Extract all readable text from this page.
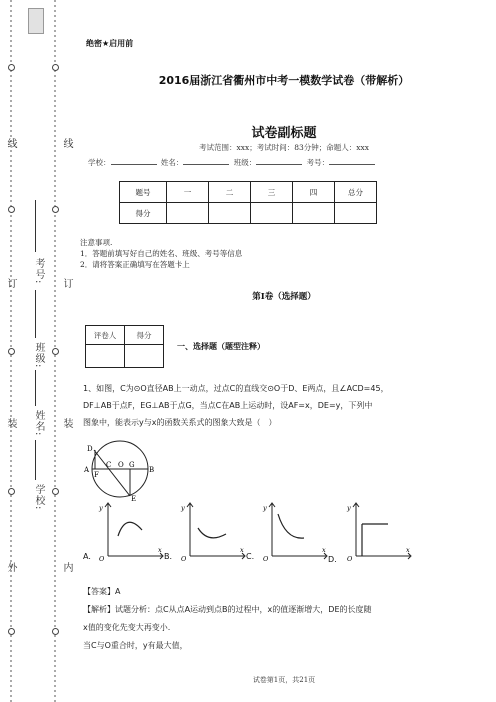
线
订
装
外
线
订
装
内
考号:
班级:
姓名:
学校:
绝密★启用前
2016届浙江省衢州市中考一模数学试卷（带解析）
试卷副标题
考试范围：xxx；考试时间：83分钟；命题人：xxx
学校：	姓名：	班级：	考号：
题号	一	二	三	四	总分
得分					
注意事项.
1．答题前填写好自己的姓名、班级、考号等信息
2．请将答案正确填写在答题卡上
第I卷（选择题）
评卷人	得分

一、选择题（题型注释）
1、如图，C为⊙O直径AB上一动点，过点C的直线交⊙O于D、E两点，且∠ACD=45，
DF⊥AB于点F，EG⊥AB于点G，当点C在AB上运动时，设AF=x，DE=y，下列中
图象中，能表示y与x的函数关系式的图象大致是（　）
D
A
F
C O G
B
E
A.
y
x
O	B.
y
x
O	C.
y
x
O	D.
y
x
O
【答案】A
【解析】试题分析：点C从点A运动到点B的过程中，x的值逐渐增大，DE的长度随
x值的变化先变大再变小.
当C与O重合时，y有最大值，
试卷第1页，共21页
